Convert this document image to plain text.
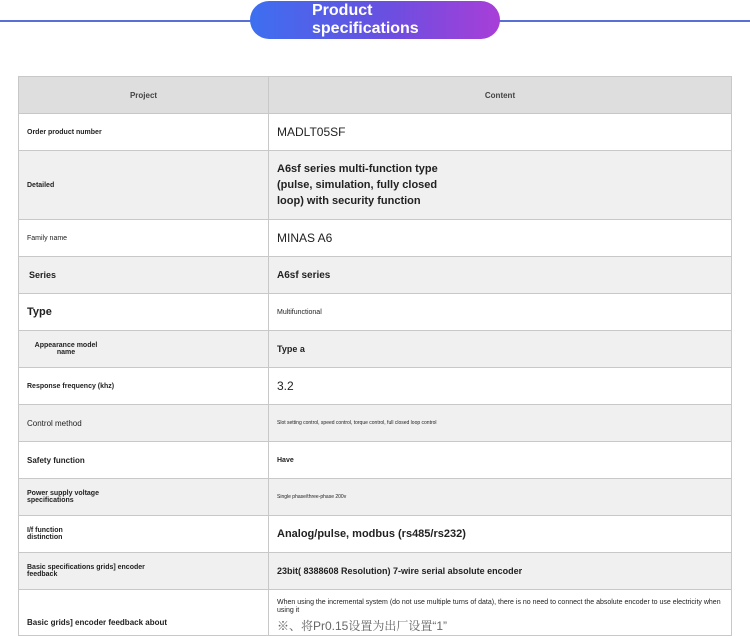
Product
specifications
Project	Content
Order product number	MADLT05SF
Detailed	A6sf series multi-function type (pulse, simulation, fully closed loop) with security function

Family name	MINAS A6
Series	A6sf series
Type	Multifunctional

Appearance model name	Type a
Response frequency (khz)	3.2
Control method	Slot setting control, speed control, torque control, full closed loop control
Safety function	Have

Power supply voltage specifications	Single phase/three-phase 200v

I/f function distinction	Analog/pulse, modbus (rs485/rs232)

Basic specifications grids] encoder feedback	23bit( 8388608 Resolution) 7-wire serial absolute encoder
Basic grids] encoder feedback about	When using the incremental system (do not use multiple turns of data), there is no need to connect the absolute encoder to use electricity when using it
※、将Pr0.15设置为出厂设置“1”
